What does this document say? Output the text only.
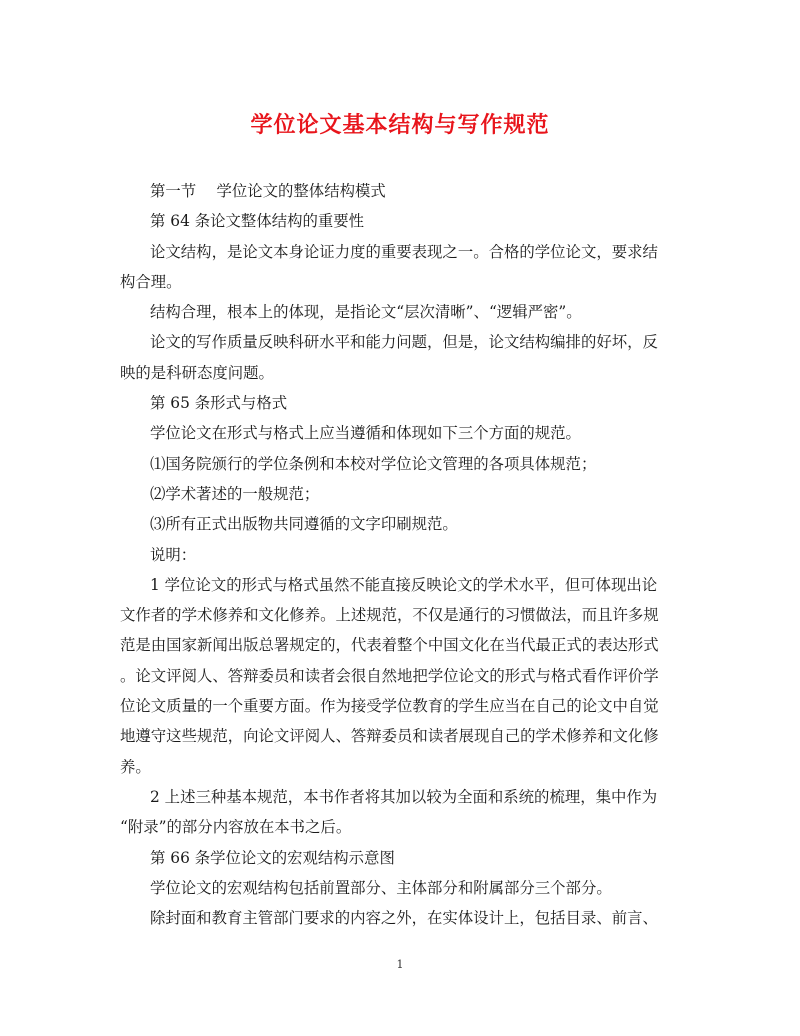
学位论文基本结构与写作规范
第一节　 学位论文的整体结构模式
第 64 条论文整体结构的重要性
论文结构，是论文本身论证力度的重要表现之一。合格的学位论文，要求结
构合理。
结构合理，根本上的体现，是指论文“层次清晰”、“逻辑严密”。
论文的写作质量反映科研水平和能力问题，但是，论文结构编排的好坏，反
映的是科研态度问题。
第 65 条形式与格式
学位论文在形式与格式上应当遵循和体现如下三个方面的规范。
⑴国务院颁行的学位条例和本校对学位论文管理的各项具体规范；
⑵学术著述的一般规范；
⑶所有正式出版物共同遵循的文字印刷规范。
说明：
1 学位论文的形式与格式虽然不能直接反映论文的学术水平，但可体现出论
文作者的学术修养和文化修养。上述规范，不仅是通行的习惯做法，而且许多规
范是由国家新闻出版总署规定的，代表着整个中国文化在当代最正式的表达形式
。论文评阅人、答辩委员和读者会很自然地把学位论文的形式与格式看作评价学
位论文质量的一个重要方面。作为接受学位教育的学生应当在自己的论文中自觉
地遵守这些规范，向论文评阅人、答辩委员和读者展现自己的学术修养和文化修
养。
2 上述三种基本规范，本书作者将其加以较为全面和系统的梳理，集中作为
“附录”的部分内容放在本书之后。
第 66 条学位论文的宏观结构示意图
学位论文的宏观结构包括前置部分、主体部分和附属部分三个部分。
除封面和教育主管部门要求的内容之外，在实体设计上，包括目录、前言、
1
